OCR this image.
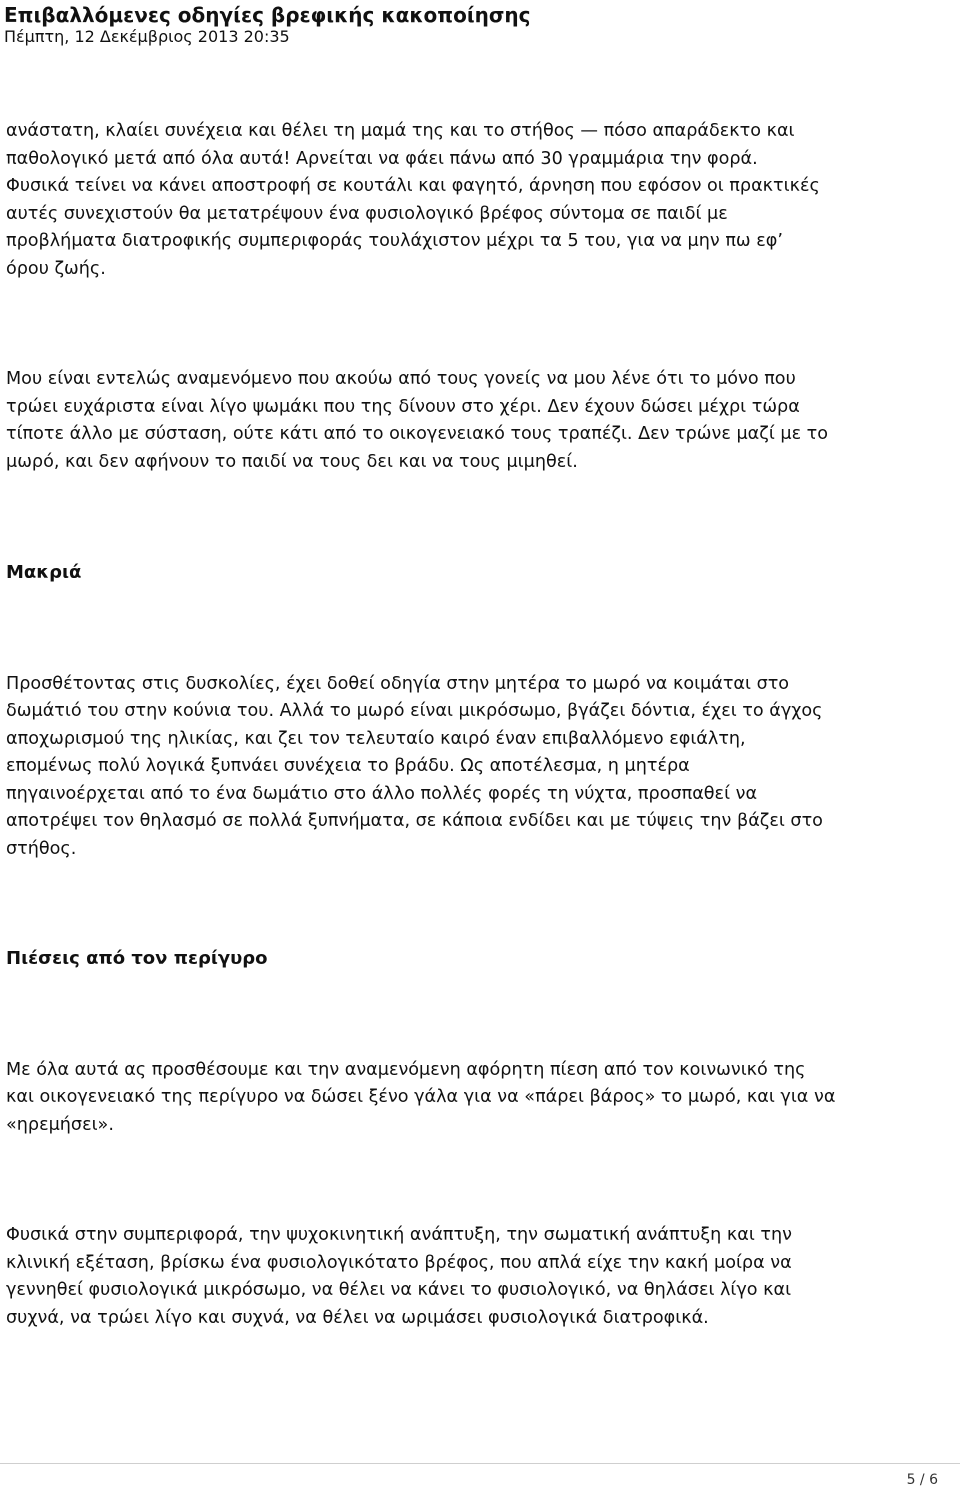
Επιβαλλόμενες οδηγίες βρεφικής κακοποίησης
Πέμπτη, 12 Δεκέμβριος 2013 20:35

ανάστατη, κλαίει συνέχεια και θέλει τη μαμά της και το στήθος — πόσο απαράδεκτο και
παθολογικό μετά από όλα αυτά! Αρνείται να φάει πάνω από 30 γραμμάρια την φορά.
Φυσικά τείνει να κάνει αποστροφή σε κουτάλι και φαγητό, άρνηση που εφόσον οι πρακτικές
αυτές συνεχιστούν θα μετατρέψουν ένα φυσιολογικό βρέφος σύντομα σε παιδί με
προβλήματα διατροφικής συμπεριφοράς τουλάχιστον μέχρι τα 5 του, για να μην πω εφ’
όρου ζωής.

Μου είναι εντελώς αναμενόμενο που ακούω από τους γονείς να μου λένε ότι το μόνο που
τρώει ευχάριστα είναι λίγο ψωμάκι που της δίνουν στο χέρι. Δεν έχουν δώσει μέχρι τώρα
τίποτε άλλο με σύσταση, ούτε κάτι από το οικογενειακό τους τραπέζι. Δεν τρώνε μαζί με το
μωρό, και δεν αφήνουν το παιδί να τους δει και να τους μιμηθεί.

Μακριά

Προσθέτοντας στις δυσκολίες, έχει δοθεί οδηγία στην μητέρα το μωρό να κοιμάται στο
δωμάτιό του στην κούνια του. Αλλά το μωρό είναι μικρόσωμο, βγάζει δόντια, έχει το άγχος
αποχωρισμού της ηλικίας, και ζει τον τελευταίο καιρό έναν επιβαλλόμενο εφιάλτη,
επομένως πολύ λογικά ξυπνάει συνέχεια το βράδυ. Ως αποτέλεσμα, η μητέρα
πηγαινοέρχεται από το ένα δωμάτιο στο άλλο πολλές φορές τη νύχτα, προσπαθεί να
αποτρέψει τον θηλασμό σε πολλά ξυπνήματα, σε κάποια ενδίδει και με τύψεις την βάζει στο
στήθος.

Πιέσεις από τον περίγυρο

Με όλα αυτά ας προσθέσουμε και την αναμενόμενη αφόρητη πίεση από τον κοινωνικό της
και οικογενειακό της περίγυρο να δώσει ξένο γάλα για να «πάρει βάρος» το μωρό, και για να
«ηρεμήσει».

Φυσικά στην συμπεριφορά, την ψυχοκινητική ανάπτυξη, την σωματική ανάπτυξη και την
κλινική εξέταση, βρίσκω ένα φυσιολογικότατο βρέφος, που απλά είχε την κακή μοίρα να
γεννηθεί φυσιολογικά μικρόσωμο, να θέλει να κάνει το φυσιολογικό, να θηλάσει λίγο και
συχνά, να τρώει λίγο και συχνά, να θέλει να ωριμάσει φυσιολογικά διατροφικά.

5 / 6
